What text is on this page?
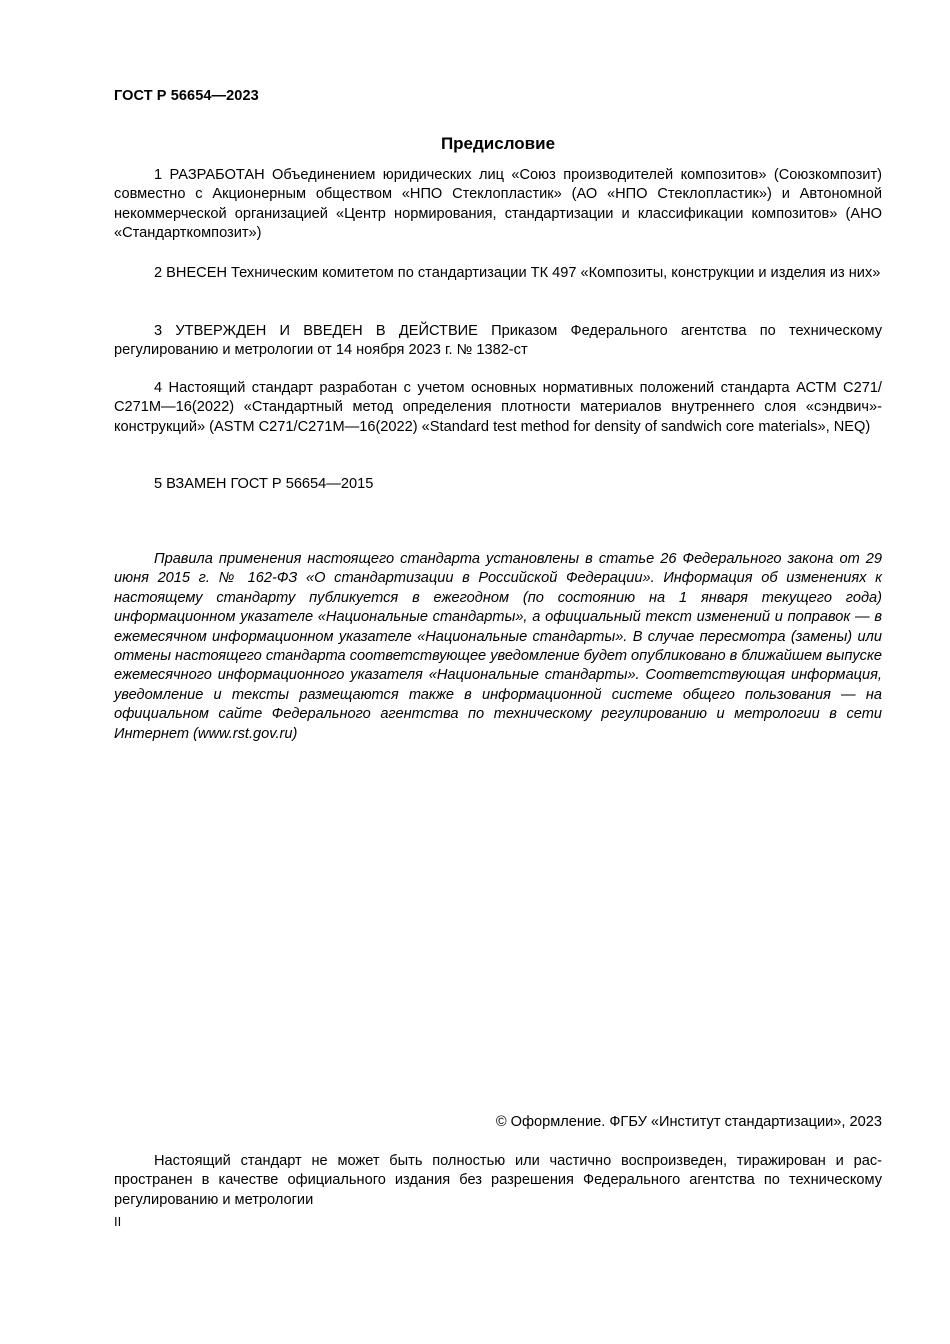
ГОСТ Р 56654—2023
Предисловие

1 РАЗРАБОТАН Объединением юридических лиц «Союз производителей композитов» (Союзкомпозит) совместно с Акционерным обществом «НПО Стеклопластик» (АО «НПО Стеклопластик») и Автономной некоммерческой организацией «Центр нормирования, стандартизации и классификации композитов» (АНО «Стандарткомпозит»)

2 ВНЕСЕН Техническим комитетом по стандартизации ТК 497 «Композиты, конструкции и изделия из них»

3 УТВЕРЖДЕН И ВВЕДЕН В ДЕЙСТВИЕ Приказом Федерального агентства по техническому регулированию и метрологии от 14 ноября 2023 г. № 1382-ст

4 Настоящий стандарт разработан с учетом основных нормативных положений стандарта АСТМ С271/С271М—16(2022) «Стандартный метод определения плотности материалов внутреннего слоя «сэндвич»-конструкций» (ASTM C271/C271M—16(2022) «Standard test method for density of sandwich core materials», NEQ)

5 ВЗАМЕН ГОСТ Р 56654—2015

Правила применения настоящего стандарта установлены в статье 26 Федерального закона от 29 июня 2015 г. № 162-ФЗ «О стандартизации в Российской Федерации». Информация об изменениях к настоящему стандарту публикуется в ежегодном (по состоянию на 1 января текущего года) информационном указателе «Национальные стандарты», а официальный текст изменений и поправок — в ежемесячном информационном указателе «Национальные стандарты». В случае пересмотра (замены) или отмены настоящего стандарта соответствующее уведомление будет опубликовано в ближайшем выпуске ежемесячного информационного указателя «Национальные стандарты». Соответствующая информация, уведомление и тексты размещаются также в информационной системе общего пользования — на официальном сайте Федерального агентства по техническому регулированию и метрологии в сети Интернет (www.rst.gov.ru)

© Оформление. ФГБУ «Институт стандартизации», 2023

Настоящий стандарт не может быть полностью или частично воспроизведен, тиражирован и распространен в качестве официального издания без разрешения Федерального агентства по техническому регулированию и метрологии

II
